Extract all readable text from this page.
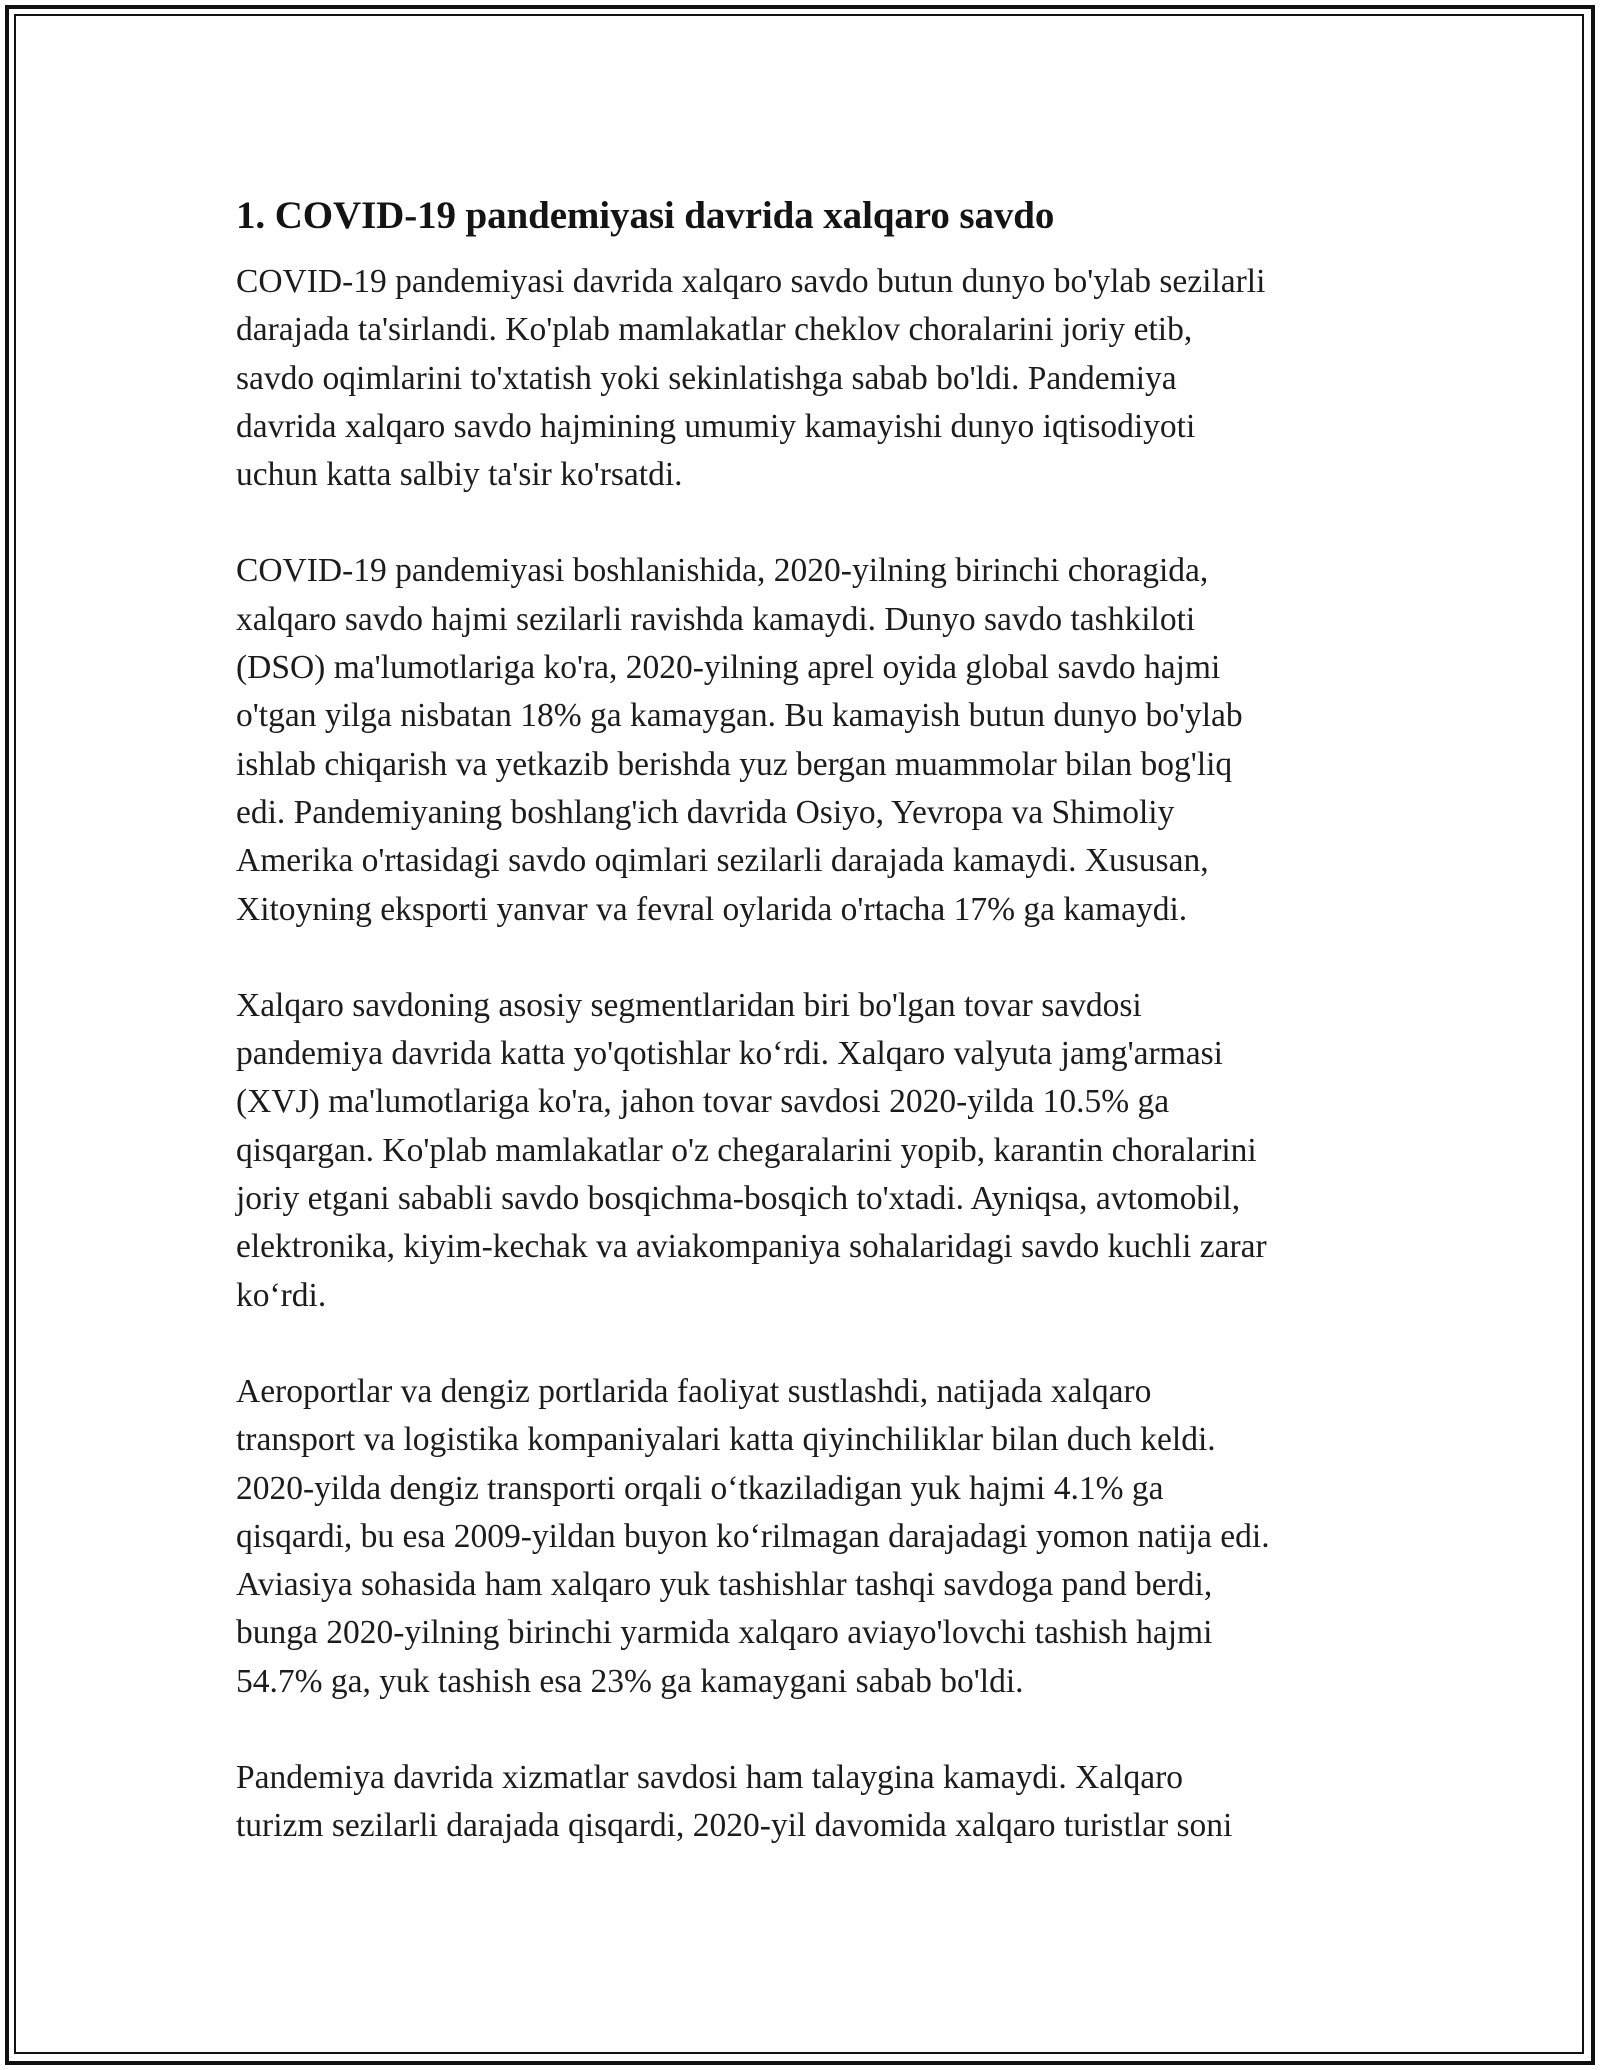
1. COVID-19 pandemiyasi davrida xalqaro savdo

COVID-19 pandemiyasi davrida xalqaro savdo butun dunyo bo'ylab sezilarli
darajada ta'sirlandi. Ko'plab mamlakatlar cheklov choralarini joriy etib,
savdo oqimlarini to'xtatish yoki sekinlatishga sabab bo'ldi. Pandemiya
davrida xalqaro savdo hajmining umumiy kamayishi dunyo iqtisodiyoti
uchun katta salbiy ta'sir ko'rsatdi.

COVID-19 pandemiyasi boshlanishida, 2020-yilning birinchi choragida,
xalqaro savdo hajmi sezilarli ravishda kamaydi. Dunyo savdo tashkiloti
(DSO) ma'lumotlariga ko'ra, 2020-yilning aprel oyida global savdo hajmi
o'tgan yilga nisbatan 18% ga kamaygan. Bu kamayish butun dunyo bo'ylab
ishlab chiqarish va yetkazib berishda yuz bergan muammolar bilan bog'liq
edi. Pandemiyaning boshlang'ich davrida Osiyo, Yevropa va Shimoliy
Amerika o'rtasidagi savdo oqimlari sezilarli darajada kamaydi. Xususan,
Xitoyning eksporti yanvar va fevral oylarida o'rtacha 17% ga kamaydi.

Xalqaro savdoning asosiy segmentlaridan biri bo'lgan tovar savdosi
pandemiya davrida katta yo'qotishlar ko‘rdi. Xalqaro valyuta jamg'armasi
(XVJ) ma'lumotlariga ko'ra, jahon tovar savdosi 2020-yilda 10.5% ga
qisqargan. Ko'plab mamlakatlar o'z chegaralarini yopib, karantin choralarini
joriy etgani sababli savdo bosqichma-bosqich to'xtadi. Ayniqsa, avtomobil,
elektronika, kiyim-kechak va aviakompaniya sohalaridagi savdo kuchli zarar
ko‘rdi.

Aeroportlar va dengiz portlarida faoliyat sustlashdi, natijada xalqaro
transport va logistika kompaniyalari katta qiyinchiliklar bilan duch keldi.
2020-yilda dengiz transporti orqali o‘tkaziladigan yuk hajmi 4.1% ga
qisqardi, bu esa 2009-yildan buyon ko‘rilmagan darajadagi yomon natija edi.
Aviasiya sohasida ham xalqaro yuk tashishlar tashqi savdoga pand berdi,
bunga 2020-yilning birinchi yarmida xalqaro aviayo'lovchi tashish hajmi
54.7% ga, yuk tashish esa 23% ga kamaygani sabab bo'ldi.

Pandemiya davrida xizmatlar savdosi ham talaygina kamaydi. Xalqaro
turizm sezilarli darajada qisqardi, 2020-yil davomida xalqaro turistlar soni
